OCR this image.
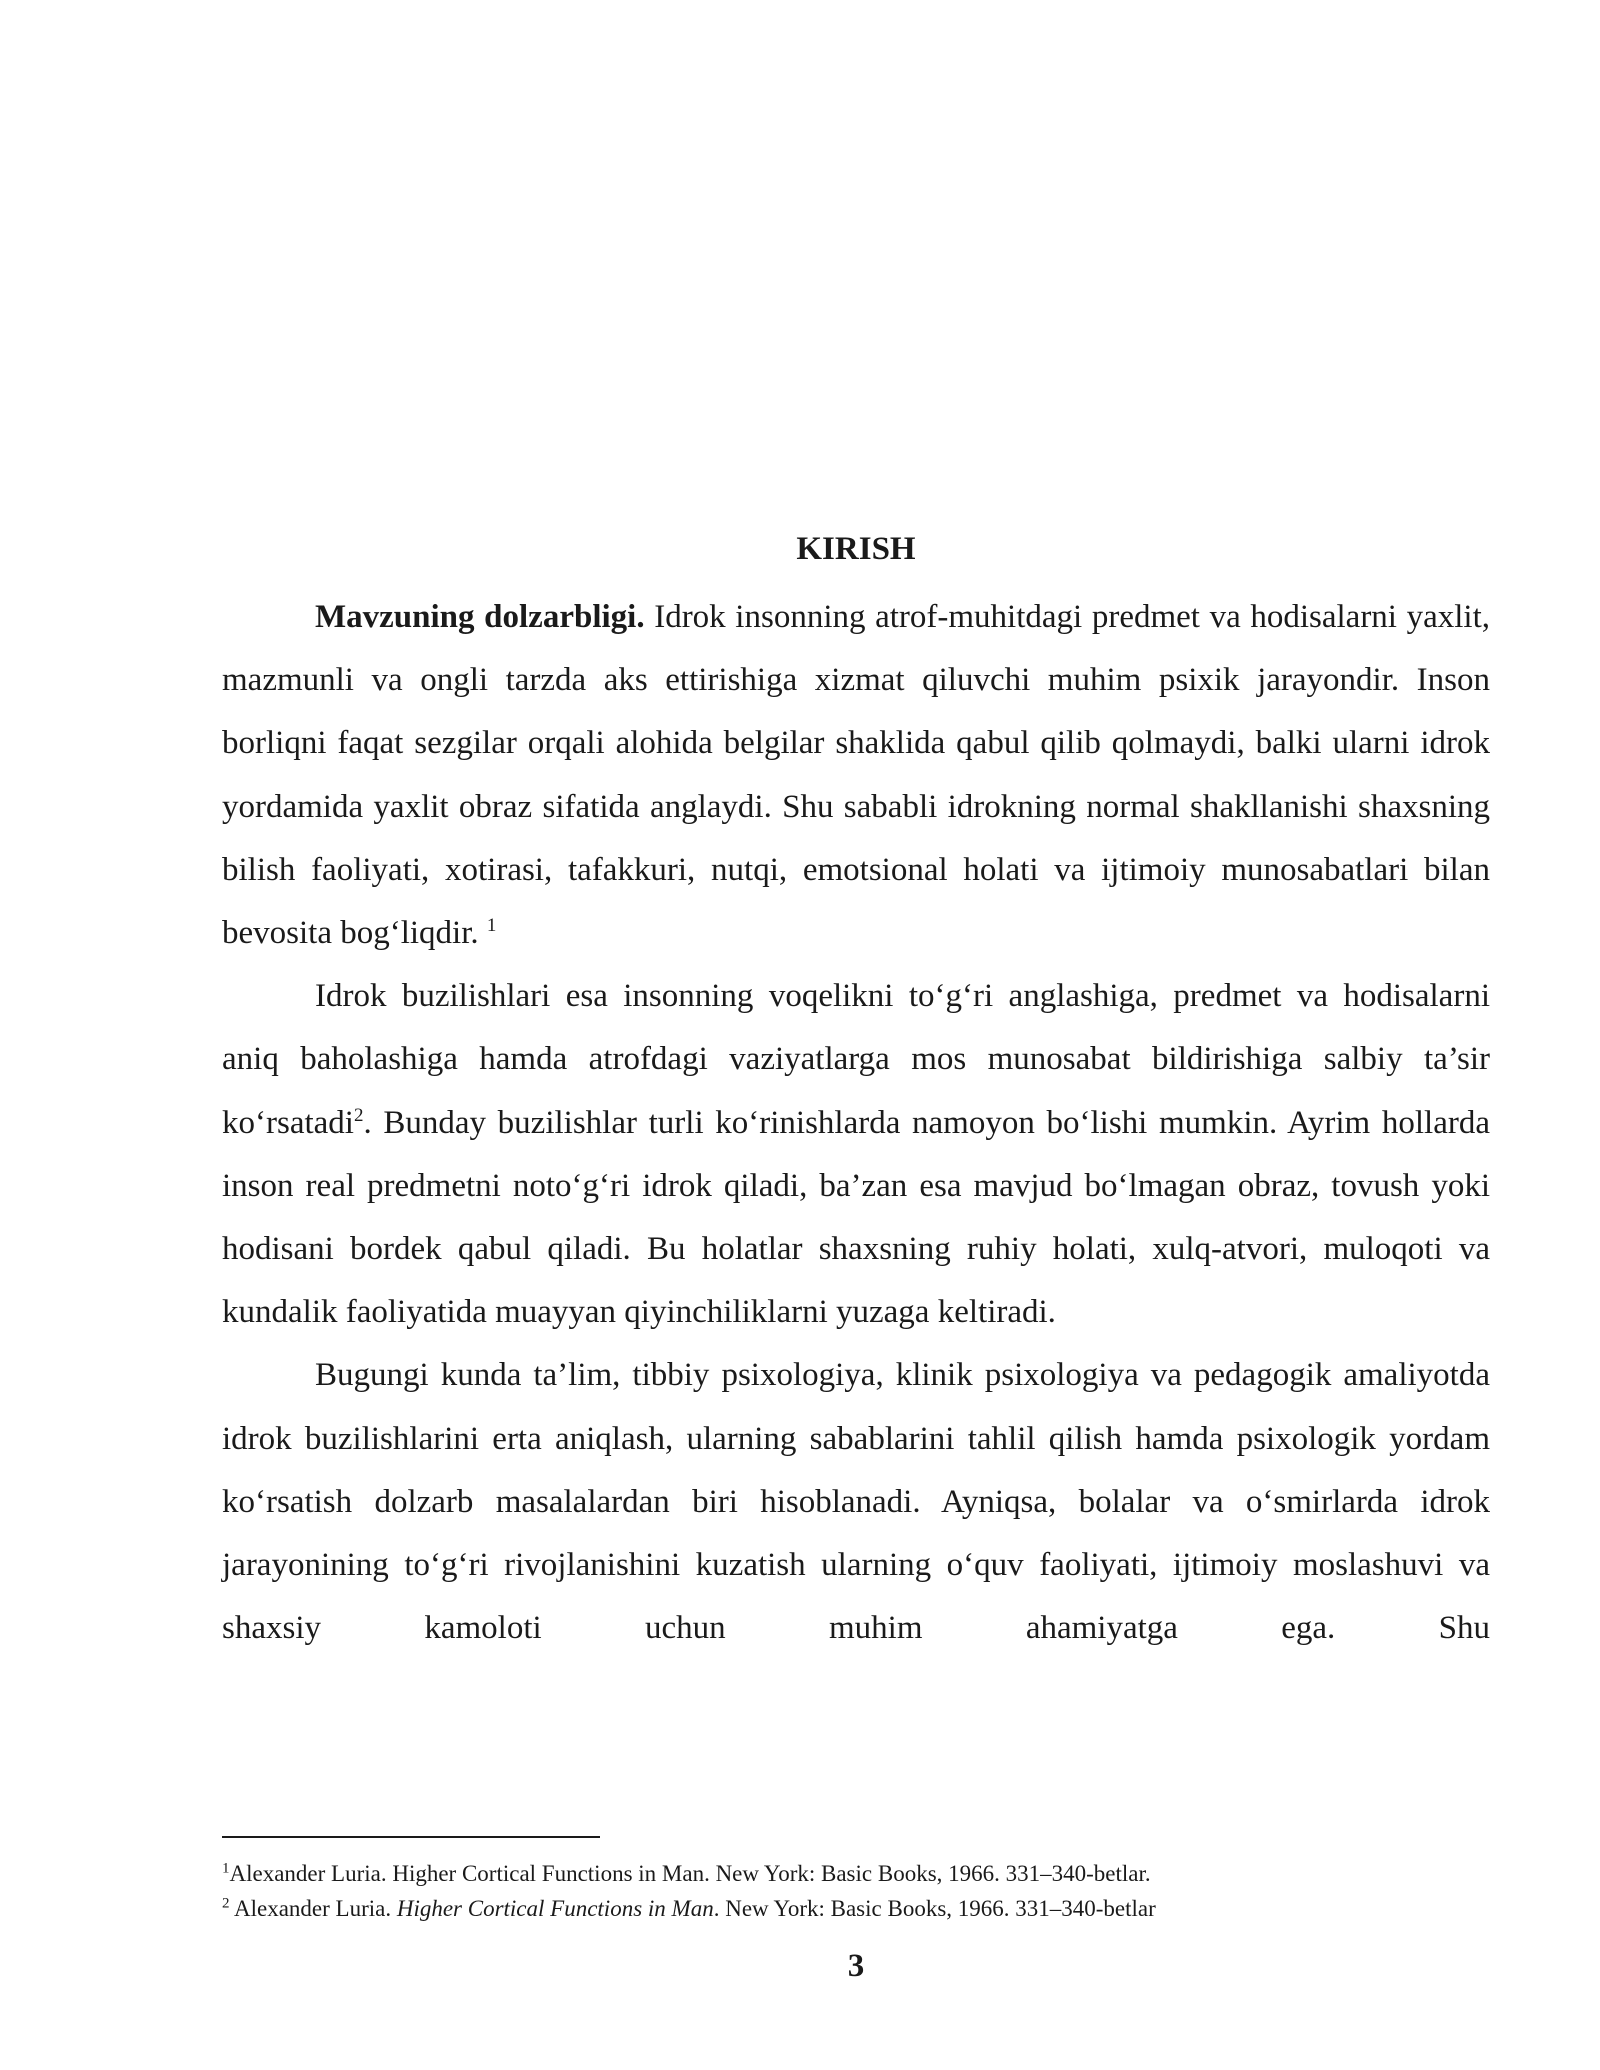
KIRISH

Mavzuning dolzarbligi. Idrok insonning atrof-muhitdagi predmet va hodisalarni yaxlit, mazmunli va ongli tarzda aks ettirishiga xizmat qiluvchi muhim psixik jarayondir. Inson borliqni faqat sezgilar orqali alohida belgilar shaklida qabul qilib qolmaydi, balki ularni idrok yordamida yaxlit obraz sifatida anglaydi. Shu sababli idrokning normal shakllanishi shaxsning bilish faoliyati, xotirasi, tafakkuri, nutqi, emotsional holati va ijtimoiy munosabatlari bilan bevosita bog‘liqdir. $^1$

Idrok buzilishlari esa insonning voqelikni to‘g‘ri anglashiga, predmet va hodisalarni aniq baholashiga hamda atrofdagi vaziyatlarga mos munosabat bildirishiga salbiy ta’sir ko‘rsatadi$^2$. Bunday buzilishlar turli ko‘rinishlarda namoyon bo‘lishi mumkin. Ayrim hollarda inson real predmetni noto‘g‘ri idrok qiladi, ba’zan esa mavjud bo‘lmagan obraz, tovush yoki hodisani bordek qabul qiladi. Bu holatlar shaxsning ruhiy holati, xulq-atvori, muloqoti va kundalik faoliyatida muayyan qiyinchiliklarni yuzaga keltiradi.

Bugungi kunda ta’lim, tibbiy psixologiya, klinik psixologiya va pedagogik amaliyotda idrok buzilishlarini erta aniqlash, ularning sabablarini tahlil qilish hamda psixologik yordam ko‘rsatish dolzarb masalalardan biri hisoblanadi. Ayniqsa, bolalar va o‘smirlarda idrok jarayonining to‘g‘ri rivojlanishini kuzatish ularning o‘quv faoliyati, ijtimoiy moslashuvi va shaxsiy kamoloti uchun muhim ahamiyatga ega. Shu

$^1$Alexander Luria. Higher Cortical Functions in Man. New York: Basic Books, 1966. 331–340-betlar.
$^2$ Alexander Luria. Higher Cortical Functions in Man. New York: Basic Books, 1966. 331–340-betlar
3
